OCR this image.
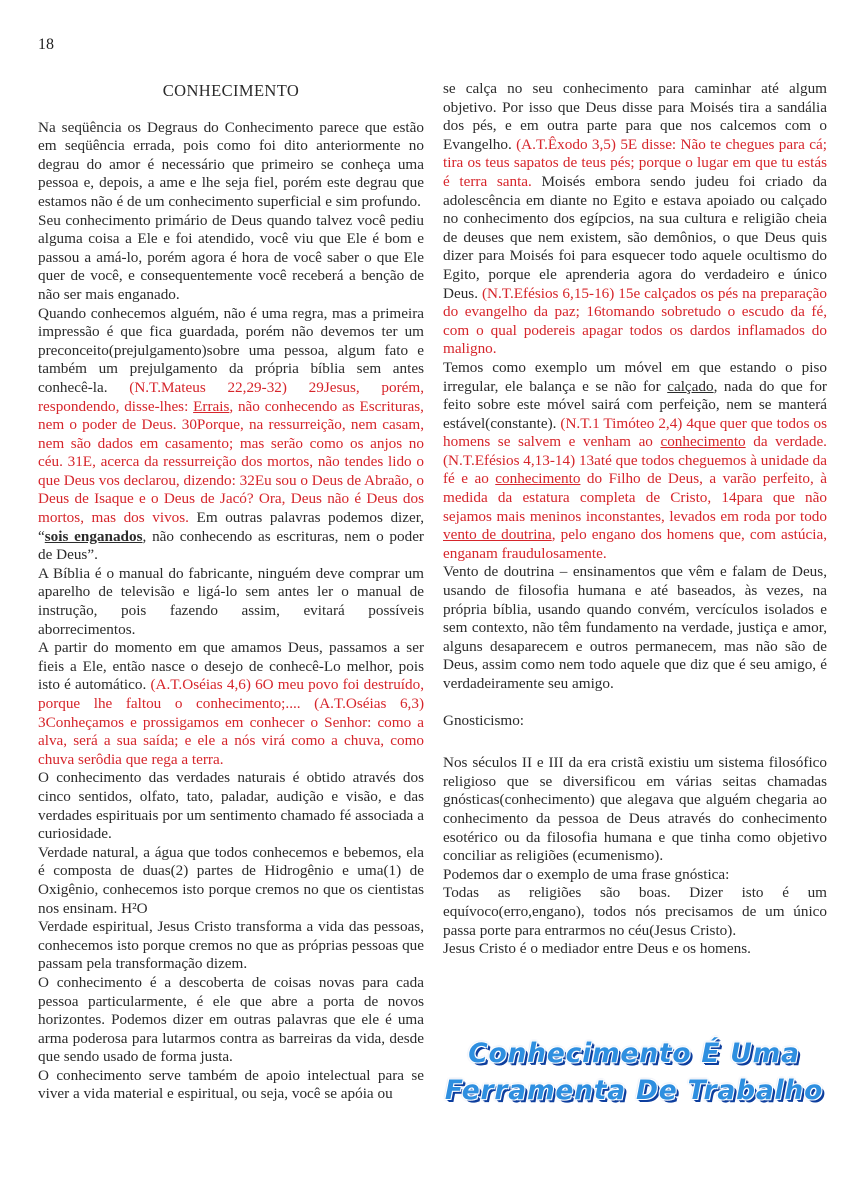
18
CONHECIMENTO

Na seqüência os Degraus do Conhecimento parece que estão em seqüência errada, pois como foi dito anteriormente no degrau do amor é necessário que primeiro se conheça uma pessoa e, depois, a ame e lhe seja fiel, porém este degrau que estamos não é de um conhecimento superficial e sim profundo.

Seu conhecimento primário de Deus quando talvez você pediu alguma coisa a Ele e foi atendido, você viu que Ele é bom e passou a amá-lo, porém agora é hora de você saber o que Ele quer de você, e consequentemente você receberá a benção de não ser mais enganado.

Quando conhecemos alguém, não é uma regra, mas a primeira impressão é que fica guardada, porém não devemos ter um preconceito(prejulgamento)sobre uma pessoa, algum fato e também um prejulgamento da própria bíblia sem antes conhecê-la. (N.T.Mateus 22,29-32) 29Jesus, porém, respondendo, disse-lhes: Errais, não conhecendo as Escrituras, nem o poder de Deus. 30Porque, na ressurreição, nem casam, nem são dados em casamento; mas serão como os anjos no céu. 31E, acerca da ressurreição dos mortos, não tendes lido o que Deus vos declarou, dizendo: 32Eu sou o Deus de Abraão, o Deus de Isaque e o Deus de Jacó? Ora, Deus não é Deus dos mortos, mas dos vivos. Em outras palavras podemos dizer, “sois enganados, não conhecendo as escrituras, nem o poder de Deus”.

A Bíblia é o manual do fabricante, ninguém deve comprar um aparelho de televisão e ligá-lo sem antes ler o manual de instrução, pois fazendo assim, evitará possíveis aborrecimentos.

A partir do momento em que amamos Deus, passamos a ser fieis a Ele, então nasce o desejo de conhecê-Lo melhor, pois isto é automático. (A.T.Oséias 4,6) 6O meu povo foi destruído, porque lhe faltou o conhecimento;.... (A.T.Oséias 6,3) 3Conheçamos e prossigamos em conhecer o Senhor: como a alva, será a sua saída; e ele a nós virá como a chuva, como chuva serôdia que rega a terra.

O conhecimento das verdades naturais é obtido através dos cinco sentidos, olfato, tato, paladar, audição e visão, e das verdades espirituais por um sentimento chamado fé associada a curiosidade.

Verdade natural, a água que todos conhecemos e bebemos, ela é composta de duas(2) partes de Hidrogênio e uma(1) de Oxigênio, conhecemos isto porque cremos no que os cientistas nos ensinam. H²O

Verdade espiritual, Jesus Cristo transforma a vida das pessoas, conhecemos isto porque cremos no que as próprias pessoas que passam pela transformação dizem.

O conhecimento é a descoberta de coisas novas para cada pessoa particularmente, é ele que abre a porta de novos horizontes. Podemos dizer em outras palavras que ele é uma arma poderosa para lutarmos contra as barreiras da vida, desde que sendo usado de forma justa.

O conhecimento serve também de apoio intelectual para se viver a vida material e espiritual, ou seja, você se apóia ou

se calça no seu conhecimento para caminhar até algum objetivo. Por isso que Deus disse para Moisés tira a sandália dos pés, e em outra parte para que nos calcemos com o Evangelho. (A.T.Êxodo 3,5) 5E disse: Não te chegues para cá; tira os teus sapatos de teus pés; porque o lugar em que tu estás é terra santa. Moisés embora sendo judeu foi criado da adolescência em diante no Egito e estava apoiado ou calçado no conhecimento dos egípcios, na sua cultura e religião cheia de deuses que nem existem, são demônios, o que Deus quis dizer para Moisés foi para esquecer todo aquele ocultismo do Egito, porque ele aprenderia agora do verdadeiro e único Deus. (N.T.Efésios 6,15-16) 15e calçados os pés na preparação do evangelho da paz; 16tomando sobretudo o escudo da fé, com o qual podereis apagar todos os dardos inflamados do maligno.

Temos como exemplo um móvel em que estando o piso irregular, ele balança e se não for calçado, nada do que for feito sobre este móvel sairá com perfeição, nem se manterá estável(constante). (N.T.1 Timóteo 2,4) 4que quer que todos os homens se salvem e venham ao conhecimento da verdade. (N.T.Efésios 4,13-14) 13até que todos cheguemos à unidade da fé e ao conhecimento do Filho de Deus, a varão perfeito, à medida da estatura completa de Cristo, 14para que não sejamos mais meninos inconstantes, levados em roda por todo vento de doutrina, pelo engano dos homens que, com astúcia, enganam fraudulosamente.

Vento de doutrina – ensinamentos que vêm e falam de Deus, usando de filosofia humana e até baseados, às vezes, na própria bíblia, usando quando convém, vercículos isolados e sem contexto, não têm fundamento na verdade, justiça e amor, alguns desaparecem e outros permanecem, mas não são de Deus, assim como nem todo aquele que diz que é seu amigo, é verdadeiramente seu amigo.

Gnosticismo:

Nos séculos II e III da era cristã existiu um sistema filosófico religioso que se diversificou em várias seitas chamadas gnósticas(conhecimento) que alegava que alguém chegaria ao conhecimento da pessoa de Deus através do conhecimento esotérico ou da filosofia humana e que tinha como objetivo conciliar as religiões (ecumenismo).

Podemos dar o exemplo de uma frase gnóstica:

Todas as religiões são boas. Dizer isto é um equívoco(erro,engano), todos nós precisamos de um único passa porte para entrarmos no céu(Jesus Cristo).

Jesus Cristo é o mediador entre Deus e os homens.

Conhecimento É Uma
Ferramenta De Trabalho
